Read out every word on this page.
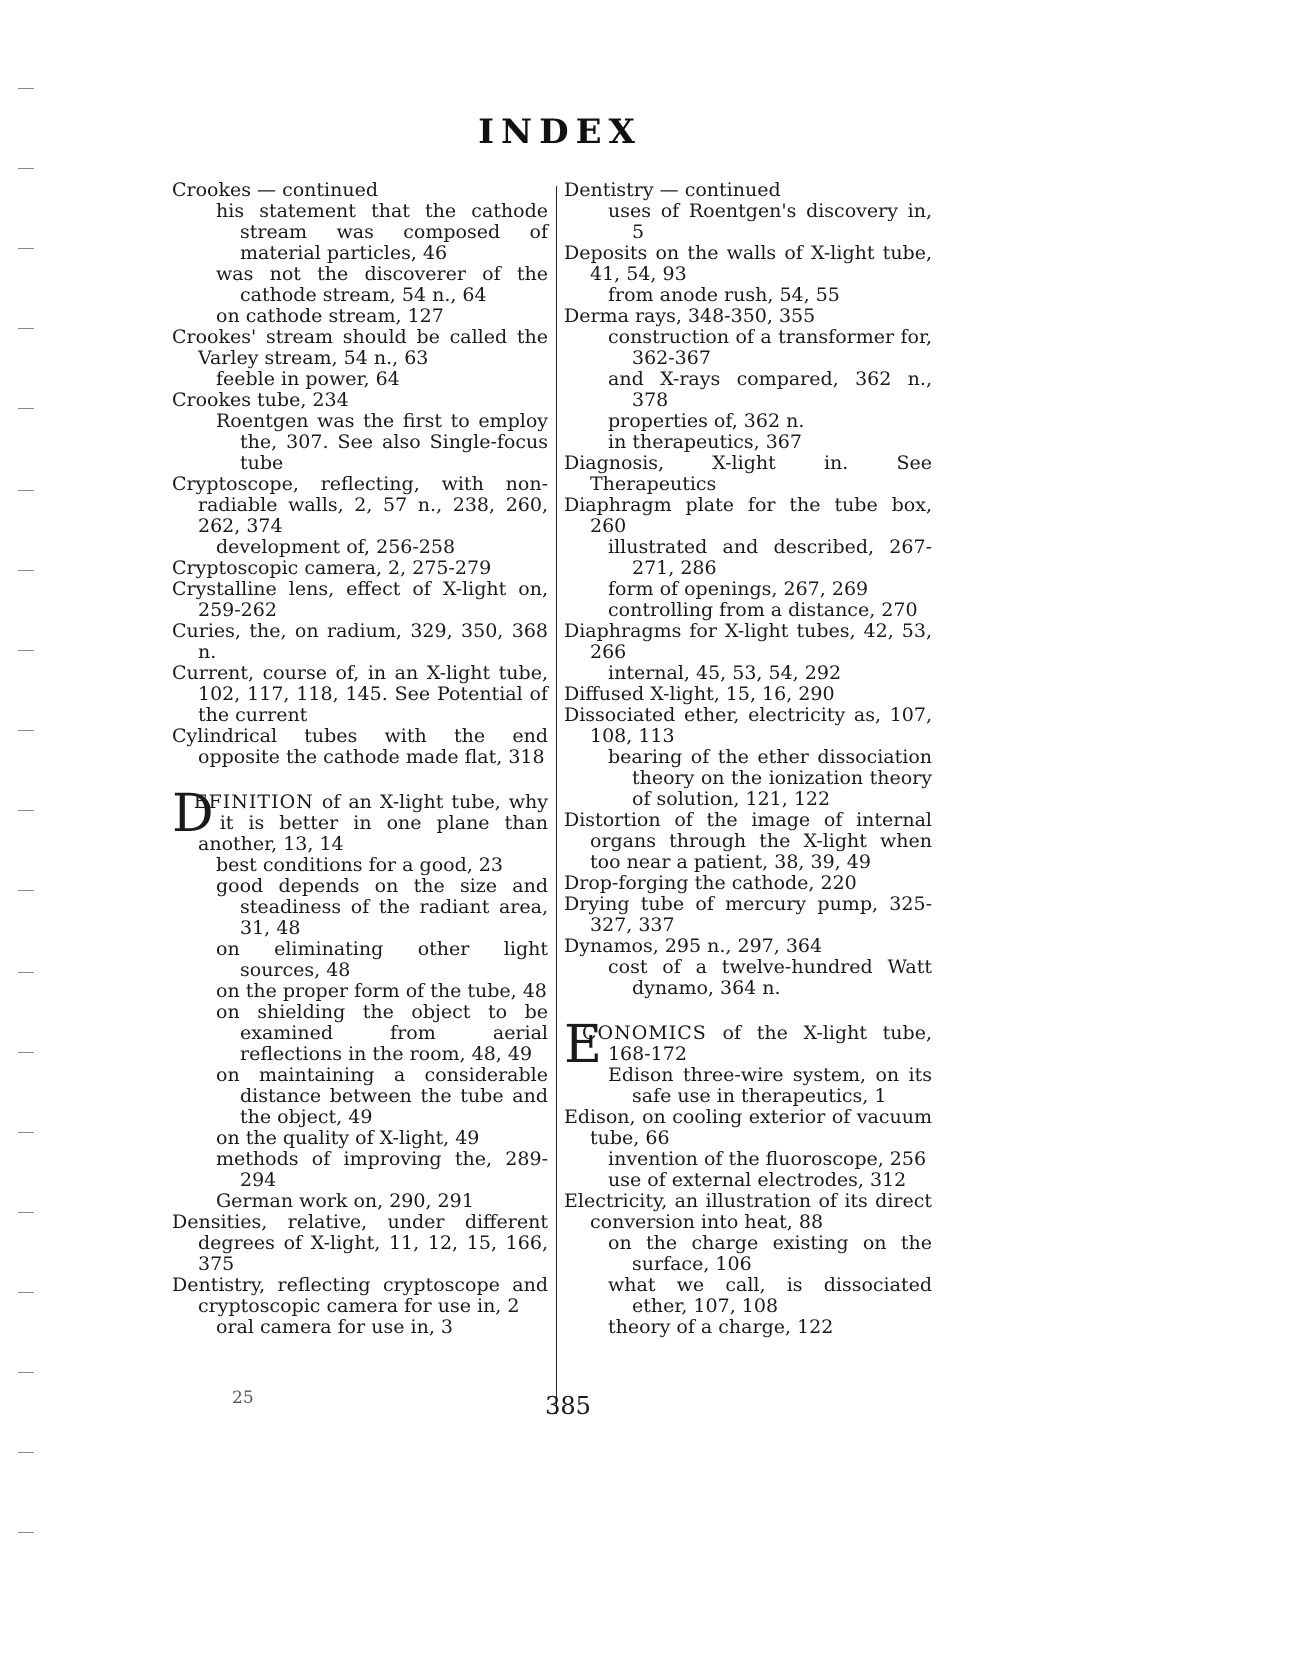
INDEX
Crookes — continued
his statement that the cathode stream was composed of material particles, 46
was not the discoverer of the cathode stream, 54 n., 64
on cathode stream, 127
Crookes' stream should be called the Varley stream, 54 n., 63
feeble in power, 64
Crookes tube, 234
Roentgen was the first to employ the, 307. See also Single-focus tube
Cryptoscope, reflecting, with non-radiable walls, 2, 57 n., 238, 260, 262, 374
development of, 256-258
Cryptoscopic camera, 2, 275-279
Crystalline lens, effect of X-light on, 259-262
Curies, the, on radium, 329, 350, 368 n.
Current, course of, in an X-light tube, 102, 117, 118, 145. See Potential of the current
Cylindrical tubes with the end opposite the cathode made flat, 318
D
EFINITION of an X-light tube, why it is better in one plane than another, 13, 14
best conditions for a good, 23
good depends on the size and steadiness of the radiant area, 31, 48
on eliminating other light sources, 48
on the proper form of the tube, 48
on shielding the object to be examined from aerial reflections in the room, 48, 49
on maintaining a considerable distance between the tube and the object, 49
on the quality of X-light, 49
methods of improving the, 289-294
German work on, 290, 291
Densities, relative, under different degrees of X-light, 11, 12, 15, 166, 375
Dentistry, reflecting cryptoscope and cryptoscopic camera for use in, 2
oral camera for use in, 3
Dentistry — continued
uses of Roentgen's discovery in, 5
Deposits on the walls of X-light tube, 41, 54, 93
from anode rush, 54, 55
Derma rays, 348-350, 355
construction of a transformer for, 362-367
and X-rays compared, 362 n., 378
properties of, 362 n.
in therapeutics, 367
Diagnosis, X-light in. See Therapeutics
Diaphragm plate for the tube box, 260
illustrated and described, 267-271, 286
form of openings, 267, 269
controlling from a distance, 270
Diaphragms for X-light tubes, 42, 53, 266
internal, 45, 53, 54, 292
Diffused X-light, 15, 16, 290
Dissociated ether, electricity as, 107, 108, 113
bearing of the ether dissociation theory on the ionization theory of solution, 121, 122
Distortion of the image of internal organs through the X-light when too near a patient, 38, 39, 49
Drop-forging the cathode, 220
Drying tube of mercury pump, 325-327, 337
Dynamos, 295 n., 297, 364
cost of a twelve-hundred Watt dynamo, 364 n.
E
CONOMICS of the X-light tube, 168-172
Edison three-wire system, on its safe use in therapeutics, 1
Edison, on cooling exterior of vacuum tube, 66
invention of the fluoroscope, 256
use of external electrodes, 312
Electricity, an illustration of its direct conversion into heat, 88
on the charge existing on the surface, 106
what we call, is dissociated ether, 107, 108
theory of a charge, 122
25	385
